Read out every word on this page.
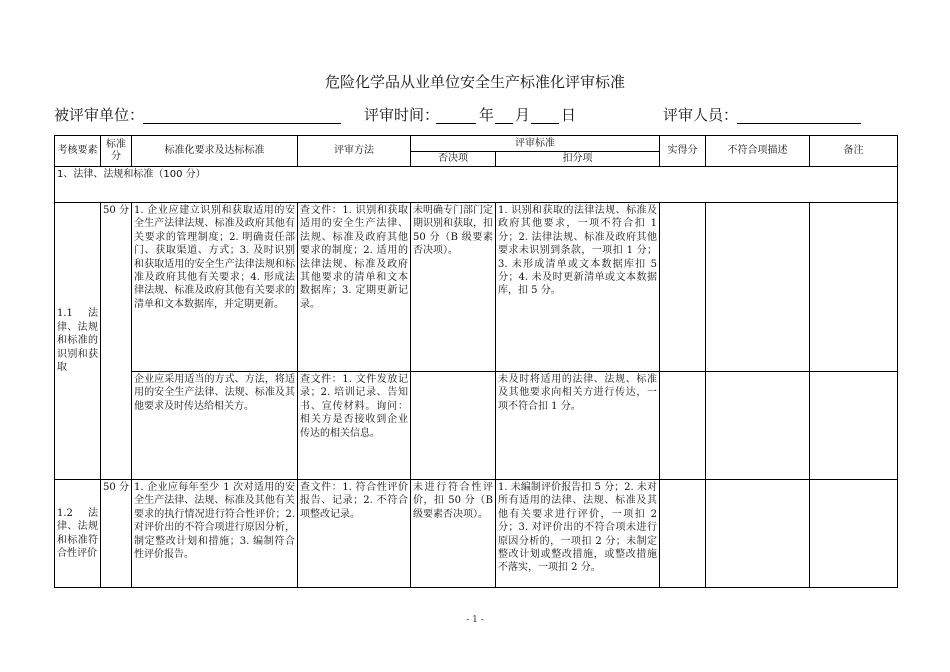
危险化学品从业单位安全生产标准化评审标准
被评审单位：	评审时间：	年 月 日	评审人员：
考核要素	标准分	标准化要求及达标标准	评审方法	评审标准		实得分	不符合项描述	备注
				否决项	扣分项			
1、法律、法规和标准（100 分）								
1.1 法律、法规和标准的识别和获取	50 分	1. 企业应建立识别和获取适用的安全生产法律法规、标准及政府其他有关要求的管理制度；2. 明确责任部门、获取渠道、方式；3. 及时识别和获取适用的安全生产法律法规和标准及政府其他有关要求；4. 形成法律法规、标准及政府其他有关要求的清单和文本数据库，并定期更新。	查文件：1. 识别和获取适用的安全生产法律、法规、标准及政府其他要求的制度；2. 适用的法律法规、标准及政府其他要求的清单和文本数据库；3. 定期更新记录。	未明确专门部门定期识别和获取，扣 50 分（B 级要素否决项）。	1. 识别和获取的法律法规、标准及政府其他要求，一项不符合扣 1 分；2. 法律法规、标准及政府其他要求未识别到条款，一项扣 1 分；3. 未形成清单或文本数据库扣 5 分；4. 未及时更新清单或文本数据库，扣 5 分。			
		企业应采用适当的方式、方法，将适用的安全生产法律、法规、标准及其他要求及时传达给相关方。	查文件：1. 文件发放记录；2. 培训记录、告知书、宣传材料。询问：相关方是否接收到企业传达的相关信息。		未及时将适用的法律、法规、标准及其他要求向相关方进行传达，一项不符合扣 1 分。			
1.2 法律、法规和标准符合性评价	50 分	1. 企业应每年至少 1 次对适用的安全生产法律、法规、标准及其他有关要求的执行情况进行符合性评价；2. 对评价出的不符合项进行原因分析，制定整改计划和措施；3. 编制符合性评价报告。	查文件：1. 符合性评价报告、记录；2. 不符合项整改记录。	未进行符合性评价，扣 50 分（B 级要素否决项）。	1. 未编制评价报告扣 5 分；2. 未对所有适用的法律、法规、标准及其他有关要求进行评价，一项扣 2 分；3. 对评价出的不符合项未进行原因分析的，一项扣 2 分；未制定整改计划或整改措施，或整改措施不落实，一项扣 2 分。			
- 1 -
